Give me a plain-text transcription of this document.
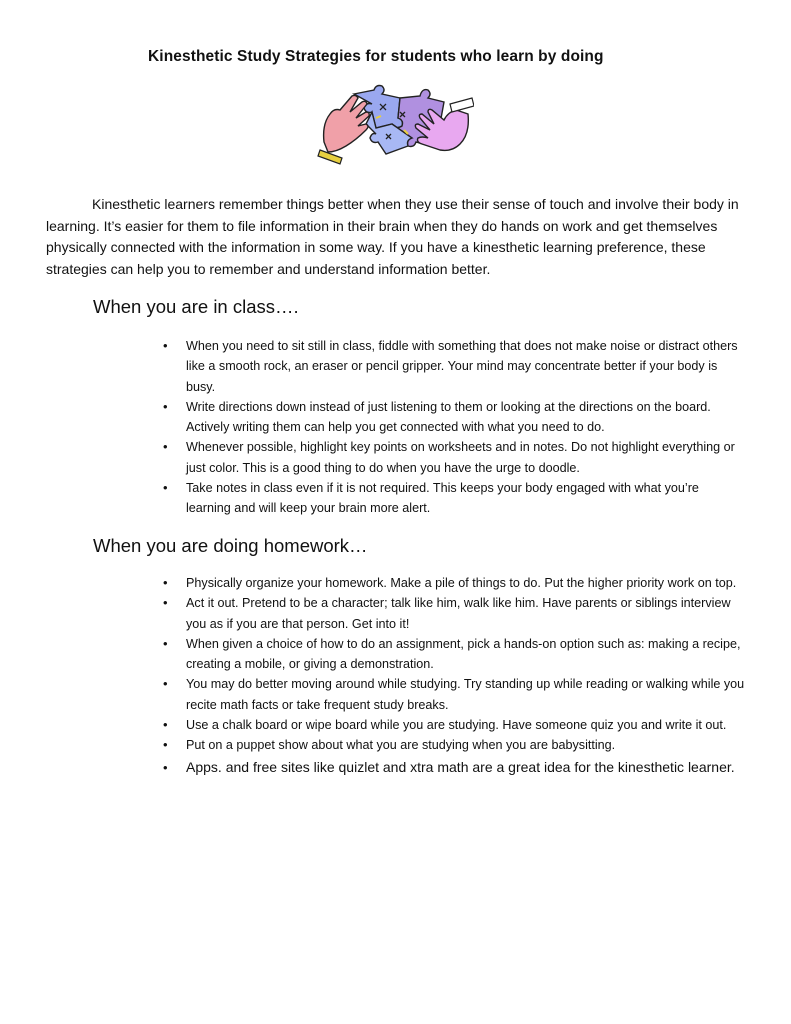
Kinesthetic Study Strategies for students who learn by doing

Kinesthetic learners remember things better when they use their sense of touch and involve their body in learning. It’s easier for them to file information in their brain when they do hands on work and get themselves physically connected with the information in some way. If you have a kinesthetic learning preference, these strategies can help you to remember and understand information better.

When you are in class….
• When you need to sit still in class, fiddle with something that does not make noise or distract others like a smooth rock, an eraser or pencil gripper. Your mind may concentrate better if your body is busy.
• Write directions down instead of just listening to them or looking at the directions on the board. Actively writing them can help you get connected with what you need to do.
• Whenever possible, highlight key points on worksheets and in notes. Do not highlight everything or just color. This is a good thing to do when you have the urge to doodle.
• Take notes in class even if it is not required. This keeps your body engaged with what you’re learning and will keep your brain more alert.
When you are doing homework…
• Physically organize your homework. Make a pile of things to do. Put the higher priority work on top.
• Act it out. Pretend to be a character; talk like him, walk like him. Have parents or siblings interview you as if you are that person. Get into it!
• When given a choice of how to do an assignment, pick a hands-on option such as: making a recipe, creating a mobile, or giving a demonstration.
• You may do better moving around while studying. Try standing up while reading or walking while you recite math facts or take frequent study breaks.
• Use a chalk board or wipe board while you are studying. Have someone quiz you and write it out.
• Put on a puppet show about what you are studying when you are babysitting.
• Apps. and free sites like quizlet and xtra math are a great idea for the kinesthetic learner.
